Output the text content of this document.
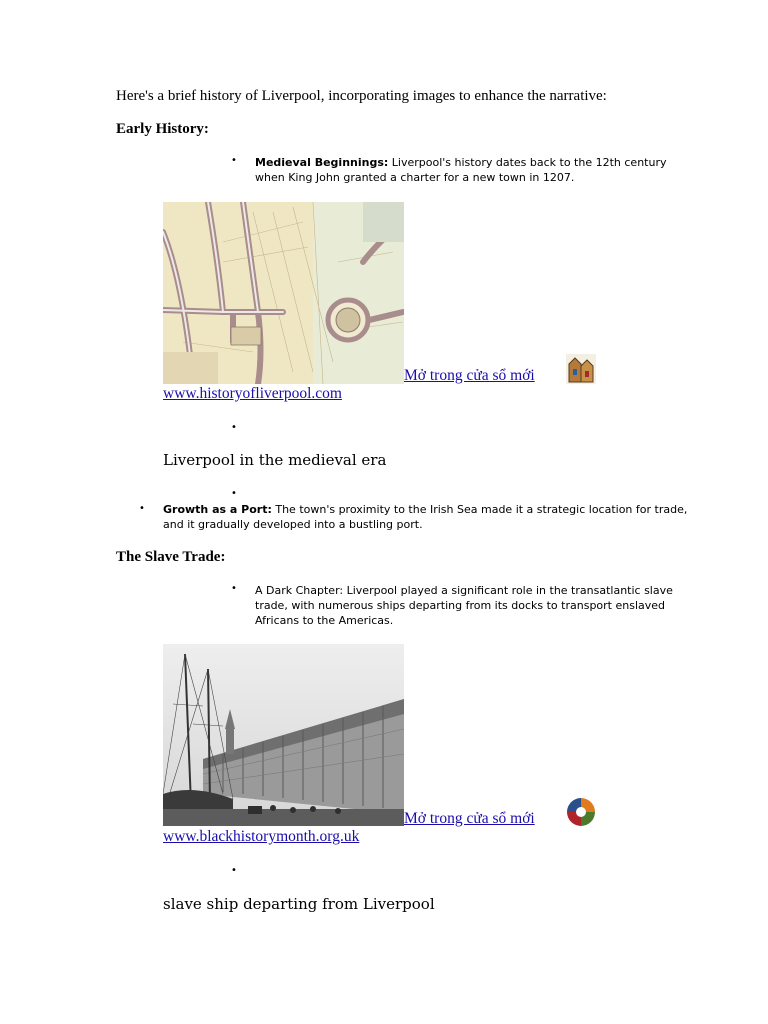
Here's a brief history of Liverpool, incorporating images to enhance the narrative:
Early History:
• Medieval Beginnings: Liverpool's history dates back to the 12th century
when King John granted a charter for a new town in 1207.
Mở trong cửa sổ mới
www.historyofliverpool.com
•
Liverpool in the medieval era
•
• Growth as a Port: The town's proximity to the Irish Sea made it a strategic location for trade,
and it gradually developed into a bustling port.
The Slave Trade:
• A Dark Chapter: Liverpool played a significant role in the transatlantic slave
trade, with numerous ships departing from its docks to transport enslaved
Africans to the Americas.
Mở trong cửa sổ mới
www.blackhistorymonth.org.uk
•
slave ship departing from Liverpool
